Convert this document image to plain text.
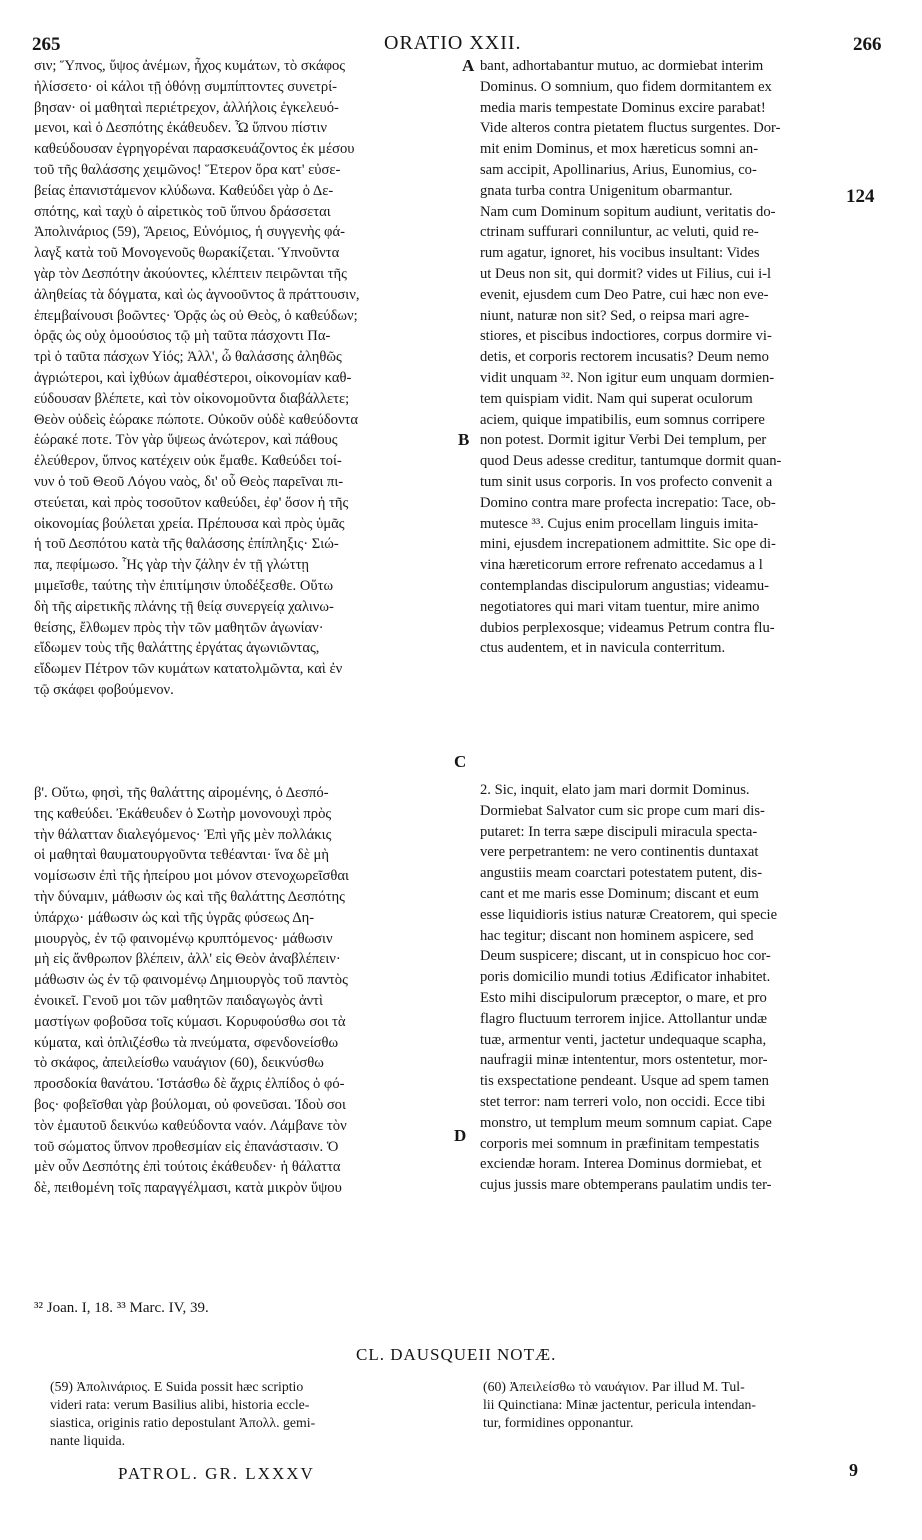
265	ORATIO XXII.	266
σιν; Ὕπνος, ὕψος ἀνέμων, ἦχος κυμάτων, τὸ σκάφος
ἠλίσσετο· οἱ κάλοι τῇ ὁθόνῃ συμπίπτοντες συνετρί-
βησαν· οἱ μαθηταὶ περιέτρεχον, ἀλλήλοις ἐγκελευό-
μενοι, καὶ ὁ Δεσπότης ἐκάθευδεν. Ὦ ὕπνου πίστιν
καθεύδουσαν ἐγρηγορέναι παρασκευάζοντος ἐκ μέσου
τοῦ τῆς θαλάσσης χειμῶνος! Ἕτερον ὅρα κατ' εὐσε-
βείας ἐπανιστάμενον κλύδωνα. Καθεύδει γὰρ ὁ Δε-
σπότης, καὶ ταχὺ ὁ αἱρετικὸς τοῦ ὕπνου δράσσεται
Ἀπολινάριος (59), Ἄρειος, Εὐνόμιος, ἡ συγγενὴς φά-
λαγξ κατὰ τοῦ Μονογενοῦς θωρακίζεται. Ὑπνοῦντα
γὰρ τὸν Δεσπότην ἀκούοντες, κλέπτειν πειρῶνται τῆς
ἀληθείας τὰ δόγματα, καὶ ὡς ἀγνοοῦντος ἃ πράττουσιν,
ἐπεμβαίνουσι βοῶντες· Ὁρᾷς ὡς οὐ Θεὸς, ὁ καθεύδων;
ὁρᾷς ὡς οὐχ ὁμοούσιος τῷ μὴ ταῦτα πάσχοντι Πα-
τρὶ ὁ ταῦτα πάσχων Υἱός; Ἀλλ', ὦ θαλάσσης ἀληθῶς
ἀγριώτεροι, καὶ ἰχθύων ἀμαθέστεροι, οἰκονομίαν καθ-
εύδουσαν βλέπετε, καὶ τὸν οἰκονομοῦντα διαβάλλετε;
Θεὸν οὐδεὶς ἑώρακε πώποτε. Οὐκοῦν οὐδὲ καθεύδοντα
ἑώρακέ ποτε. Τὸν γὰρ ὕψεως ἀνώτερον, καὶ πάθους
ἐλεύθερον, ὕπνος κατέχειν οὐκ ἔμαθε. Καθεύδει τοί-
νυν ὁ τοῦ Θεοῦ Λόγου ναὸς, δι' οὗ Θεὸς παρεῖναι πι-
στεύεται, καὶ πρὸς τοσοῦτον καθεύδει, ἐφ' ὅσον ἡ τῆς
οἰκονομίας βούλεται χρεία. Πρέπουσα καὶ πρὸς ὑμᾶς
ἡ τοῦ Δεσπότου κατὰ τῆς θαλάσσης ἐπίπληξις· Σιώ-
πα, πεφίμωσο. Ἧς γὰρ τὴν ζάλην ἐν τῇ γλώττῃ
μιμεῖσθε, ταύτης τὴν ἐπιτίμησιν ὑποδέξεσθε. Οὕτω
δὴ τῆς αἱρετικῆς πλάνης τῇ θείᾳ συνεργείᾳ χαλινω-
θείσης, ἔλθωμεν πρὸς τὴν τῶν μαθητῶν ἀγωνίαν·
εἴδωμεν τοὺς τῆς θαλάττης ἐργάτας ἀγωνιῶντας,
εἴδωμεν Πέτρον τῶν κυμάτων κατατολμῶντα, καὶ ἐν
τῷ σκάφει φοβούμενον.
bant, adhortabantur mutuo, ac dormiebat interim
Dominus. O somnium, quo fidem dormitantem ex
media maris tempestate Dominus excire parabat!
Vide alteros contra pietatem fluctus surgentes. Dor-
mit enim Dominus, et mox hæreticus somni an-
sam accipit, Apollinarius, Arius, Eunomius, co-
gnata turba contra Unigenitum obarmantur.
Nam cum Dominum sopitum audiunt, veritatis do-
ctrinam suffurari conniluntur, ac veluti, quid re-
rum agatur, ignoret, his vocibus insultant: Vides
ut Deus non sit, qui dormit? vides ut Filius, cui i-l
evenit, ejusdem cum Deo Patre, cui hæc non eve-
niunt, naturæ non sit? Sed, o reipsa mari agre-
stiores, et piscibus indoctiores, corpus dormire vi-
detis, et corporis rectorem incusatis? Deum nemo
vidit unquam ³². Non igitur eum unquam dormien-
tem quispiam vidit. Nam qui superat oculorum
aciem, quique impatibilis, eum somnus corripere
non potest. Dormit igitur Verbi Dei templum, per
quod Deus adesse creditur, tantumque dormit quan-
tum sinit usus corporis. In vos profecto convenit a
Domino contra mare profecta increpatio: Tace, ob-
mutesce ³³. Cujus enim procellam linguis imita-
mini, ejusdem increpationem admittite. Sic ope di-
vina hæreticorum errore refrenato accedamus a l
contemplandas discipulorum angustias; videamu-
negotiatores qui mari vitam tuentur, mire animo
dubios perplexosque; videamus Petrum contra flu-
ctus audentem, et in navicula conterritum.
A
B
C
D
124
β'. Οὕτω, φησὶ, τῆς θαλάττης αἰρομένης, ὁ Δεσπό-
της καθεύδει. Ἐκάθευδεν ὁ Σωτὴρ μονονουχὶ πρὸς
τὴν θάλατταν διαλεγόμενος· Ἐπὶ γῆς μὲν πολλάκις
οἱ μαθηταὶ θαυματουργοῦντα τεθέανται· ἵνα δὲ μὴ
νομίσωσιν ἐπὶ τῆς ἠπείρου μοι μόνον στενοχωρεῖσθαι
τὴν δύναμιν, μάθωσιν ὡς καὶ τῆς θαλάττης Δεσπότης
ὑπάρχω· μάθωσιν ὡς καὶ τῆς ὑγρᾶς φύσεως Δη-
μιουργὸς, ἐν τῷ φαινομένῳ κρυπτόμενος· μάθωσιν
μὴ εἰς ἄνθρωπον βλέπειν, ἀλλ' εἰς Θεὸν ἀναβλέπειν·
μάθωσιν ὡς ἐν τῷ φαινομένῳ Δημιουργὸς τοῦ παντὸς
ἐνοικεῖ. Γενοῦ μοι τῶν μαθητῶν παιδαγωγὸς ἀντὶ
μαστίγων φοβοῦσα τοῖς κύμασι. Κορυφούσθω σοι τὰ
κύματα, καὶ ὁπλιζέσθω τὰ πνεύματα, σφενδονείσθω
τὸ σκάφος, ἀπειλείσθω ναυάγιον (60), δεικνύσθω
προσδοκία θανάτου. Ἱστάσθω δὲ ἄχρις ἐλπίδος ὁ φό-
βος· φοβεῖσθαι γὰρ βούλομαι, οὐ φονεῦσαι. Ἰδοὺ σοι
τὸν ἐμαυτοῦ δεικνύω καθεύδοντα ναόν. Λάμβανε τὸν
τοῦ σώματος ὕπνον προθεσμίαν εἰς ἐπανάστασιν. Ὁ
μὲν οὖν Δεσπότης ἐπὶ τούτοις ἐκάθευδεν· ἡ θάλαττα
δὲ, πειθομένη τοῖς παραγγέλμασι, κατὰ μικρὸν ὕψου
2. Sic, inquit, elato jam mari dormit Dominus.
Dormiebat Salvator cum sic prope cum mari dis-
putaret: In terra sæpe discipuli miracula specta-
vere perpetrantem: ne vero continentis duntaxat
angustiis meam coarctari potestatem putent, dis-
cant et me maris esse Dominum; discant et eum
esse liquidioris istius naturæ Creatorem, qui specie
hac tegitur; discant non hominem aspicere, sed
Deum suspicere; discant, ut in conspicuo hoc cor-
poris domicilio mundi totius Ædificator inhabitet.
Esto mihi discipulorum præceptor, o mare, et pro
flagro fluctuum terrorem injice. Attollantur undæ
tuæ, armentur venti, jactetur undequaque scapha,
naufragii minæ intententur, mors ostentetur, mor-
tis exspectatione pendeant. Usque ad spem tamen
stet terror: nam terreri volo, non occidi. Ecce tibi
monstro, ut templum meum somnum capiat. Cape
corporis mei somnum in præfinitam tempestatis
exciendæ horam. Interea Dominus dormiebat, et
cujus jussis mare obtemperans paulatim undis ter-
³² Joan. I, 18. ³³ Marc. IV, 39.
CL. DAUSQUEII NOTÆ.
(59) Ἀπολινάριος. E Suida possit hæc scriptio
videri rata: verum Basilius alibi, historia eccle-
siastica, originis ratio depostulant Ἀπολλ. gemi-
nante liquida.
(60) Ἀπειλείσθω τὸ ναυάγιον. Par illud M. Tul-
lii Quinctiana: Minæ jactentur, pericula intendan-
tur, formidines opponantur.
PATROL. GR. LXXXV	9
